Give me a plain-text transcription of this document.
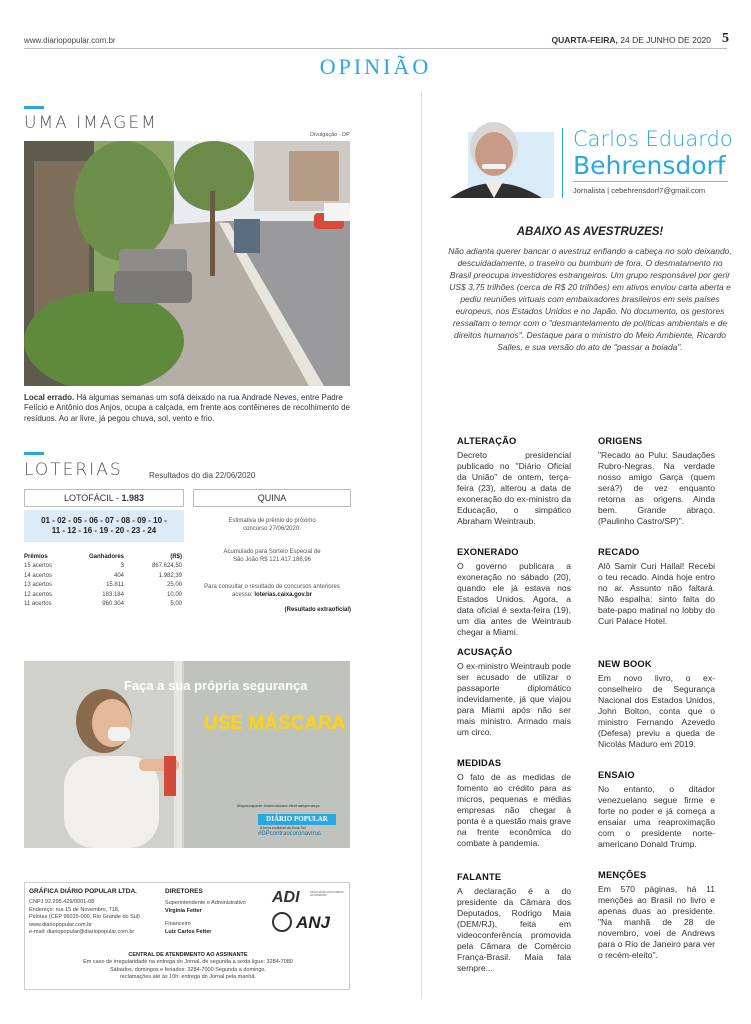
www.diariopopular.com.br	QUARTA-FEIRA, 24 DE JUNHO DE 2020 5
OPINIÃO
UMA IMAGEM
Divulgação - DP
Local errado. Há algumas semanas um sofá deixado na rua Andrade Neves, entre Padre Felício e Antônio dos Anjos, ocupa a calçada, em frente aos contêineres de recolhimento de resíduos. Ao ar livre, já pegou chuva, sol, vento e frio.
LOTERIAS	Resultados do dia 22/06/2020
LOTOFÁCIL - 1.983	QUINA
01 - 02 - 05 - 06 - 07 - 08 - 09 - 10 -
11 - 12 - 16 - 19 - 20 - 23 - 24
Prêmios	Ganhadores	(R$)
15 acertos	3	867.624,50
14 acertos	404	1.982,39
13 acertos	15.811	25,00
12 acertos	183.184	10,00
11 acertos	960.304	5,00
Estimativa de prêmio do próximo
concurso 27/06/2020:
Acumulado para Sorteio Especial de
São João R$ 121.417.186,96
Para consultar o resultado de concursos anteriores
acesse: loterias.caixa.gov.br
(Resultado extraoficial)
Faça a sua própria segurança
USE MÁSCARA
#façasuaparte #usemáscara #tenhaesperança
DIÁRIO POPULAR
A força confiável da Zona Sul
#DPcontraocoronavírus
GRÁFICA DIÁRIO POPULAR LTDA.
CNPJ 92.295.429/0001-08
Endereço: rua 15 de Novembro, 718,
Pelotas (CEP 96015-000, Rio Grande do Sul)
www.diariopopular.com.br
e-mail: diariopopular@diariopopular.com.br
DIRETORES
Superintendente e Administrativo
Virgínia Fetter
Financeiro
Luiz Carlos Fetter
ADI	ASSOCIAÇÃO DOS DIÁRIOS DO INTERIOR
ANJ
CENTRAL DE ATENDIMENTO AO ASSINANTE
Em caso de irregularidade na entrega do Jornal, de segunda a sexta ligue: 3284-7080
Sábados, domingos e feriados: 3284-7000 Segunda a domingo,
reclamações até às 10h: entrega do Jornal pela manhã.
Carlos Eduardo
Behrensdorf
Jornalista | cebehrensdorf7@gmail.com
ABAIXO AS AVESTRUZES!
Não adianta querer bancar o avestruz enfiando a cabeça no solo deixando, descuidadamente, o traseiro ou bumbum de fora. O desmatamento no Brasil preocupa investidores estrangeiros. Um grupo responsável por gerir US$ 3,75 trilhões (cerca de R$ 20 trilhões) em ativos enviou carta aberta e pediu reuniões virtuais com embaixadores brasileiros em seis países europeus, nos Estados Unidos e no Japão. No documento, os gestores ressaltam o temor com o "desmantelamento de políticas ambientais e de direitos humanos". Destaque para o ministro do Meio Ambiente, Ricardo Salles, e sua versão do ato de "passar a boiada".
ALTERAÇÃO

Decreto presidencial publicado no "Diário Oficial da União" de ontem, terça-feira (23), alterou a data de exoneração do ex-ministro da Educação, o simpático Abraham Weintraub.

EXONERADO

O governo publicara a exoneração no sábado (20), quando ele já estava nos Estados Unidos. Agora, a data oficial é sexta-feira (19), um dia antes de Weintraub chegar a Miami.

ACUSAÇÃO

O ex-ministro Weintraub pode ser acusado de utilizar o passaporte diplomático indevidamente, já que viajou para Miami após não ser mais ministro. Armado mais um circo.

MEDIDAS

O fato de as medidas de fomento ao crédito para as micros, pequenas e médias empresas não chegar à ponta é a questão mais grave na frente econômica do combate à pandemia.

FALANTE

A declaração é a do presidente da Câmara dos Deputados, Rodrigo Maia (DEM/RJ), feita em videoconferência promovida pela Câmara de Comércio França-Brasil. Maia fala sempre...

ORIGENS

"Recado ao Pulu: Saudações Rubro-Negras. Na verdade nosso amigo Garça (quem será?) de vez enquanto retorna as origens. Ainda bem. Grande abraço. (Paulinho Castro/SP)".

RECADO

Alô Samir Curi Hallal! Recebi o teu recado. Ainda hoje entro no ar. Assunto não faltará. Não espalha: sinto falta do bate-papo matinal no lobby do Curi Palace Hotel.

NEW BOOK

Em novo livro, o ex-conselheiro de Segurança Nacional dos Estados Unidos, John Bolton, conta que o ministro Fernando Azevedo (Defesa) previu a queda de Nicolás Maduro em 2019.

ENSAIO

No entanto, o ditador venezuelano segue firme e forte no poder e já começa a ensaiar uma reaproximação com o presidente norte-americano Donald Trump.

MENÇÕES

Em 570 páginas, há 11 menções ao Brasil no livro e apenas duas ao presidente. "Na manhã de 28 de novembro, voei de Andrews para o Rio de Janeiro para ver o recém-eleito".
